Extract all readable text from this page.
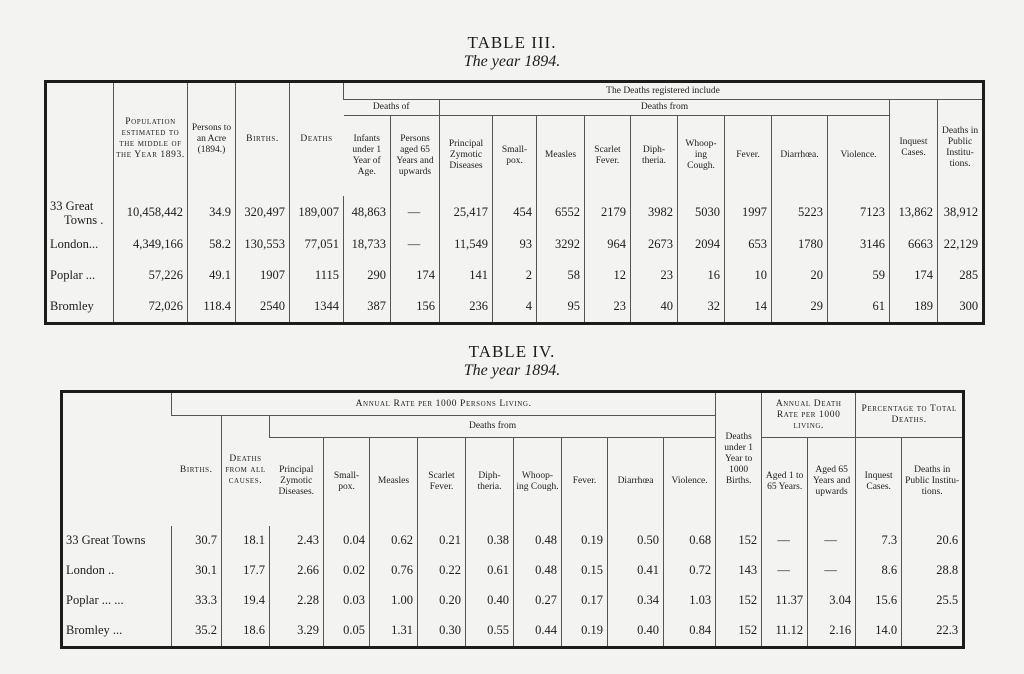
TABLE III.
The year 1894.
	Population estimated to the middle of the Year 1893.	Persons to an Acre (1894.)	Births.	Deaths	The Deaths registered include												
					Deaths of		Deaths from									Inquest Cases.	Deaths in Public Institu-tions.
					Infants under 1 Year of Age.	Persons aged 65 Years and upwards	Principal Zymotic Diseases	Small-pox.	Measles	Scarlet Fever.	Diph-theria.	Whoop-ing Cough.	Fever.	Diarrhœa.	Violence.		

33 Great
Towns .	10,458,442	34.9	320,497	189,007	48,863	—	25,417	454	6552	2179	3982	5030	1997	5223	7123	13,862	38,912
London...	4,349,166	58.2	130,553	77,051	18,733	—	11,549	93	3292	964	2673	2094	653	1780	3146	6663	22,129
Poplar ...	57,226	49.1	1907	1115	290	174	141	2	58	12	23	16	10	20	59	174	285
Bromley	72,026	118.4	2540	1344	387	156	236	4	95	23	40	32	14	29	61	189	300
TABLE IV.
The year 1894.
	Annual Rate per 1000 Persons Living.											Deaths under 1 Year to 1000 Births.	Annual Death Rate per 1000 living.		Percentage to Total Deaths.	
	Births.	Deaths from all causes.	Deaths from													
			Principal Zymotic Diseases.	Small-pox.	Measles	Scarlet Fever.	Diph-theria.	Whoop-ing Cough.	Fever.	Diarrhœa	Violence.		Aged 1 to 65 Years.	Aged 65 Years and upwards	Inquest Cases.	Deaths in Public Institu-tions.
33 Great Towns	30.7	18.1	2.43	0.04	0.62	0.21	0.38	0.48	0.19	0.50	0.68	152	—	—	7.3	20.6
London ..	30.1	17.7	2.66	0.02	0.76	0.22	0.61	0.48	0.15	0.41	0.72	143	—	—	8.6	28.8
Poplar ... ...	33.3	19.4	2.28	0.03	1.00	0.20	0.40	0.27	0.17	0.34	1.03	152	11.37	3.04	15.6	25.5
Bromley ...	35.2	18.6	3.29	0.05	1.31	0.30	0.55	0.44	0.19	0.40	0.84	152	11.12	2.16	14.0	22.3
